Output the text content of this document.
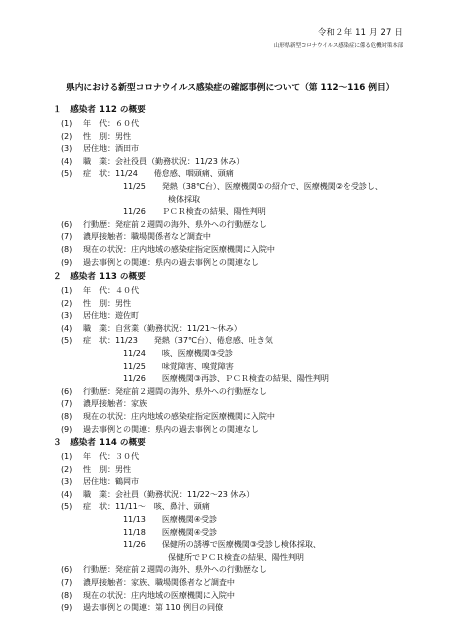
令和２年 11 月 27 日
山形県新型コロナウイルス感染症に係る危機対策本部
県内における新型コロナウイルス感染症の確認事例について（第 112～116 例目）
１　感染者 112 の概要
(1) 年　代：６０代
(2) 性　別：男性
(3) 居住地：酒田市
(4) 職　業：会社役員（勤務状況：11/23 休み）
(5) 症　状：11/24　　倦怠感、咽頭痛、頭痛
11/25　　発熱（38℃台）、医療機関①の紹介で、医療機関②を受診し、
検体採取
11/26　　ＰＣＲ検査の結果、陽性判明
(6) 行動歴：発症前２週間の海外、県外への行動歴なし
(7) 濃厚接触者：職場関係者など調査中
(8) 現在の状況：庄内地域の感染症指定医療機関に入院中
(9) 過去事例との関連：県内の過去事例との関連なし
２　感染者 113 の概要
(1) 年　代：４０代
(2) 性　別：男性
(3) 居住地：遊佐町
(4) 職　業：自営業（勤務状況：11/21～休み）
(5) 症　状：11/23　　発熱（37℃台）、倦怠感、吐き気
11/24　　咳、医療機関③受診
11/25　　味覚障害、嗅覚障害
11/26　　医療機関③再診、ＰＣＲ検査の結果、陽性判明
(6) 行動歴：発症前２週間の海外、県外への行動歴なし
(7) 濃厚接触者：家族
(8) 現在の状況：庄内地域の感染症指定医療機関に入院中
(9) 過去事例との関連：県内の過去事例との関連なし
３　感染者 114 の概要
(1) 年　代：３０代
(2) 性　別：男性
(3) 居住地：鶴岡市
(4) 職　業：会社員（勤務状況：11/22～23 休み）
(5) 症　状：11/11～　咳、鼻汁、頭痛
11/13　　医療機関④受診
11/18　　医療機関④受診
11/26　　保健所の誘導で医療機関③受診し検体採取、
保健所でＰＣＲ検査の結果、陽性判明
(6) 行動歴：発症前２週間の海外、県外への行動歴なし
(7) 濃厚接触者：家族、職場関係者など調査中
(8) 現在の状況：庄内地域の医療機関に入院中
(9) 過去事例との関連：第 110 例目の同僚
